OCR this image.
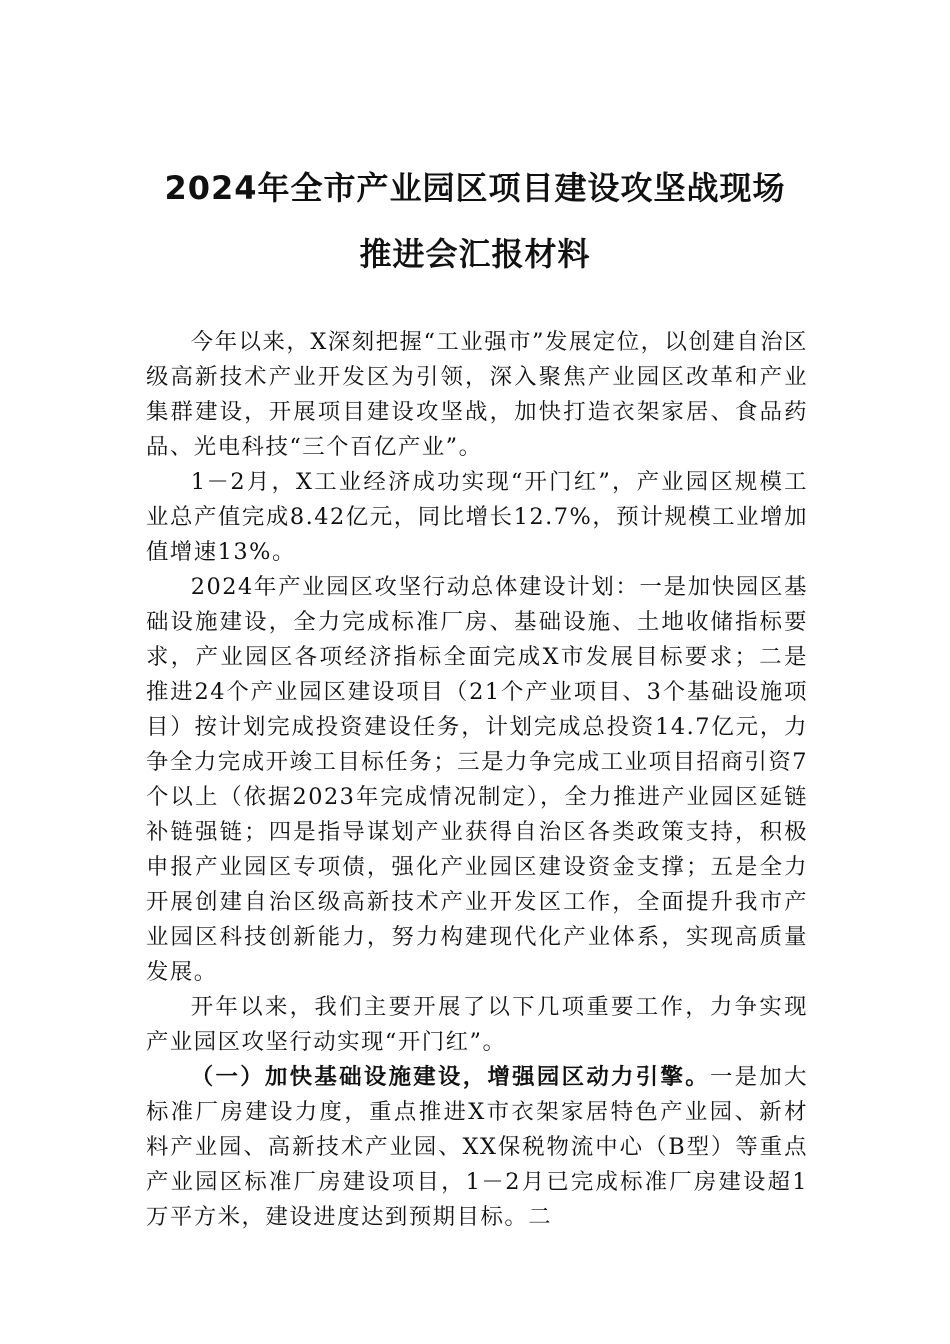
2024年全市产业园区项目建设攻坚战现场
推进会汇报材料

今年以来，X深刻把握“工业强市”发展定位，以创建自治区级高新技术产业开发区为引领，深入聚焦产业园区改革和产业集群建设，开展项目建设攻坚战，加快打造衣架家居、食品药品、光电科技“三个百亿产业”。

1－2月，X工业经济成功实现“开门红”，产业园区规模工业总产值完成8.42亿元，同比增长12.7%，预计规模工业增加值增速13%。

2024年产业园区攻坚行动总体建设计划：一是加快园区基础设施建设，全力完成标准厂房、基础设施、土地收储指标要求，产业园区各项经济指标全面完成X市发展目标要求；二是推进24个产业园区建设项目（21个产业项目、3个基础设施项目）按计划完成投资建设任务，计划完成总投资14.7亿元，力争全力完成开竣工目标任务；三是力争完成工业项目招商引资7个以上（依据2023年完成情况制定），全力推进产业园区延链补链强链；四是指导谋划产业获得自治区各类政策支持，积极申报产业园区专项债，强化产业园区建设资金支撑；五是全力开展创建自治区级高新技术产业开发区工作，全面提升我市产业园区科技创新能力，努力构建现代化产业体系，实现高质量发展。

开年以来，我们主要开展了以下几项重要工作，力争实现产业园区攻坚行动实现“开门红”。

（一）加快基础设施建设，增强园区动力引擎。一是加大标准厂房建设力度，重点推进X市衣架家居特色产业园、新材料产业园、高新技术产业园、XX保税物流中心（B型）等重点产业园区标准厂房建设项目，1－2月已完成标准厂房建设超1万平方米，建设进度达到预期目标。二
